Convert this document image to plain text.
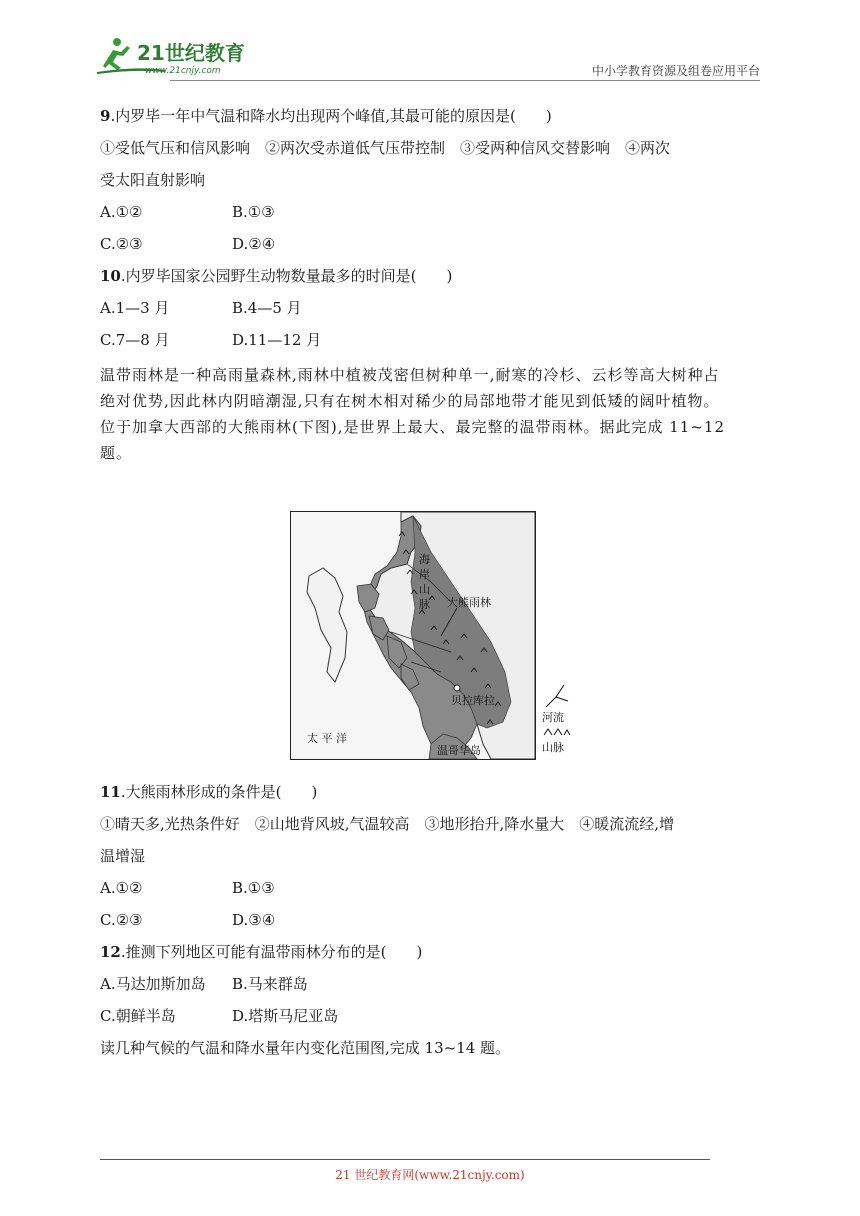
21世纪教育
www.21cnjy.com	中小学教育资源及组卷应用平台
9.内罗毕一年中气温和降水均出现两个峰值,其最可能的原因是(　　)
①受低气压和信风影响　②两次受赤道低气压带控制　③受两种信风交替影响　④两次
受太阳直射影响
A.①②	B.①③
C.②③	D.②④
10.内罗毕国家公园野生动物数量最多的时间是(　　)
A.1—3 月	B.4—5 月
C.7—8 月	D.11—12 月
温带雨林是一种高雨量森林,雨林中植被茂密但树种单一,耐寒的冷杉、云杉等高大树种占
绝对优势,因此林内阴暗潮湿,只有在树木相对稀少的局部地带才能见到低矮的阔叶植物。
位于加拿大西部的大熊雨林(下图),是世界上最大、最完整的温带雨林。据此完成 11~12
题。
海
岸
山
脉 大熊雨林
贝拉库拉
太 平 洋
温哥华岛
河流
山脉
11.大熊雨林形成的条件是(　　)
①晴天多,光热条件好　②山地背风坡,气温较高　③地形抬升,降水量大　④暖流流经,增
温增湿
A.①②	B.①③
C.②③	D.③④
12.推测下列地区可能有温带雨林分布的是(　　)
A.马达加斯加岛 B.马来群岛
C.朝鲜半岛	D.塔斯马尼亚岛
读几种气候的气温和降水量年内变化范围图,完成 13~14 题。
21 世纪教育网(www.21cnjy.com)
